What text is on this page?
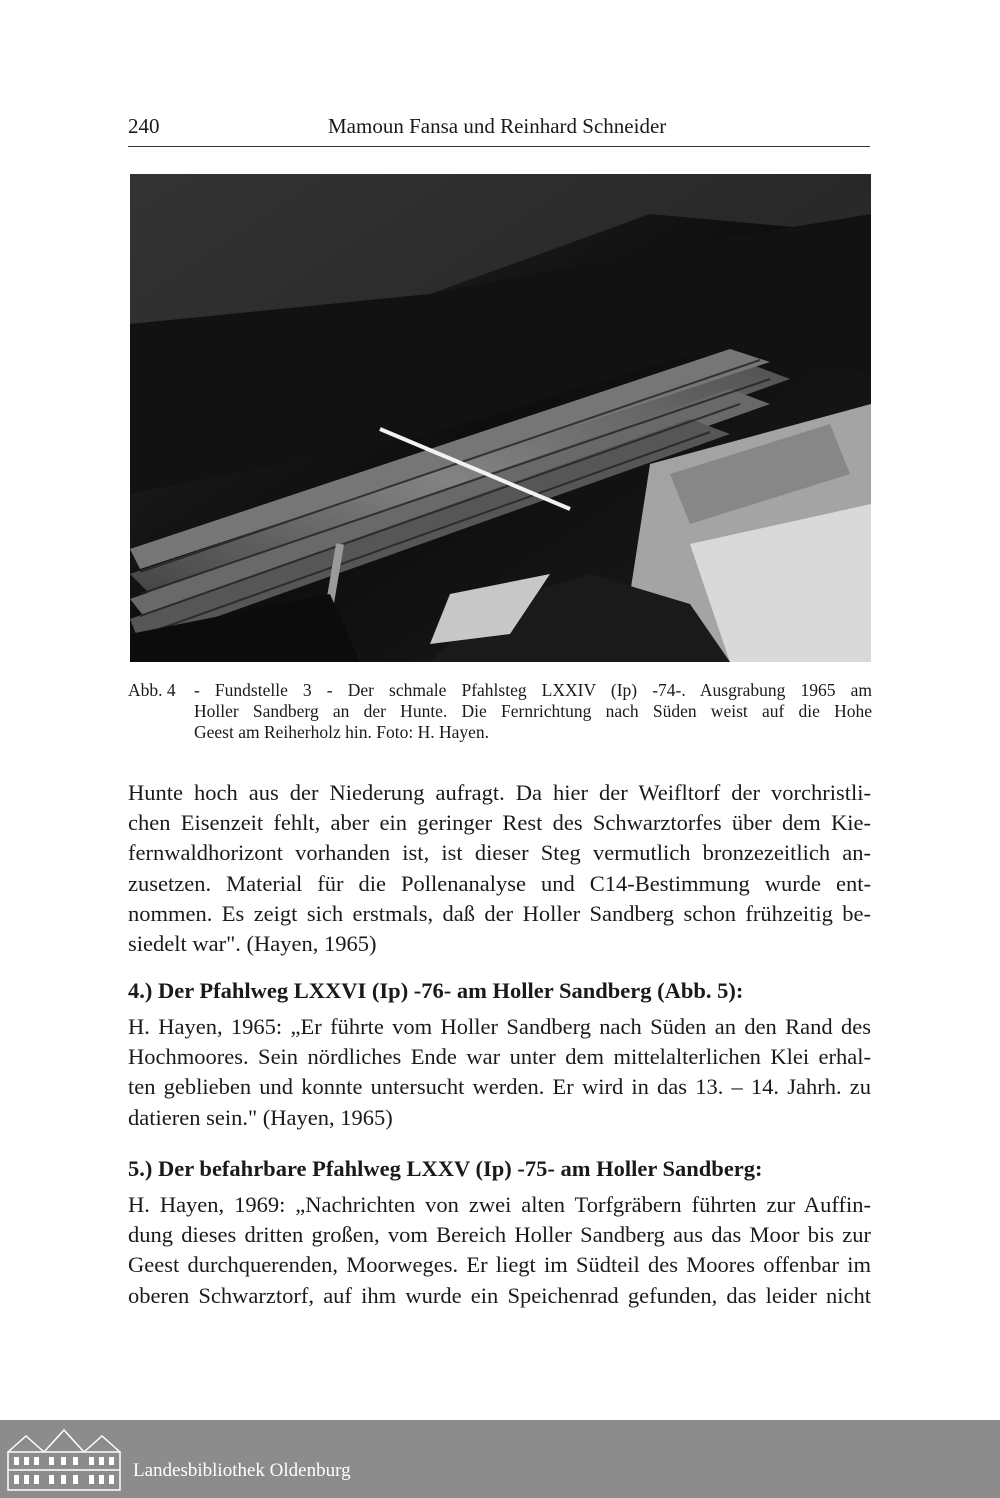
240	Mamoun Fansa und Reinhard Schneider
Abb. 4 - Fundstelle 3 - Der schmale Pfahlsteg LXXIV (Ip) -74-. Ausgrabung 1965 am
Holler Sandberg an der Hunte. Die Fernrichtung nach Süden weist auf die Hohe
Geest am Reiherholz hin. Foto: H. Hayen.
Hunte hoch aus der Niederung aufragt. Da hier der Weifltorf der vorchristli-
chen Eisenzeit fehlt, aber ein geringer Rest des Schwarztorfes über dem Kie-
fernwaldhorizont vorhanden ist, ist dieser Steg vermutlich bronzezeitlich an-
zusetzen. Material für die Pollenanalyse und C14-Bestimmung wurde ent-
nommen. Es zeigt sich erstmals, daß der Holler Sandberg schon frühzeitig be-
siedelt war". (Hayen, 1965)
4.) Der Pfahlweg LXXVI (Ip) -76- am Holler Sandberg (Abb. 5):
H. Hayen, 1965: „Er führte vom Holler Sandberg nach Süden an den Rand des
Hochmoores. Sein nördliches Ende war unter dem mittelalterlichen Klei erhal-
ten geblieben und konnte untersucht werden. Er wird in das 13. – 14. Jahrh. zu
datieren sein." (Hayen, 1965)
5.) Der befahrbare Pfahlweg LXXV (Ip) -75- am Holler Sandberg:
H. Hayen, 1969: „Nachrichten von zwei alten Torfgräbern führten zur Auffin-
dung dieses dritten großen, vom Bereich Holler Sandberg aus das Moor bis zur
Geest durchquerenden, Moorweges. Er liegt im Südteil des Moores offenbar im
oberen Schwarztorf, auf ihm wurde ein Speichenrad gefunden, das leider nicht
Landesbibliothek Oldenburg
